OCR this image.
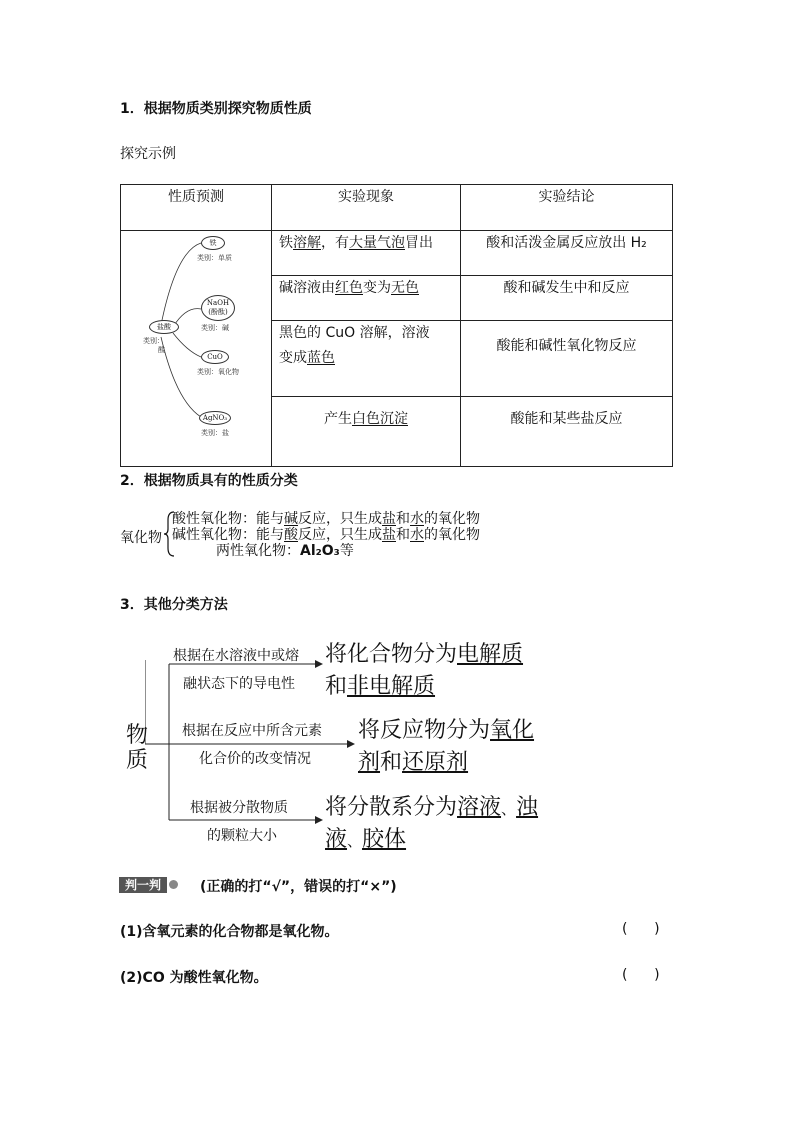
1．根据物质类别探究物质性质
探究示例
性质预测	实验现象	实验结论
盐酸
类别：
酸
铁
类别：单质
NaOH
(酚酞)
类别：碱
CuO
类别：氧化物
AgNO₃
类别：盐
铁溶解，有大量气泡冒出	酸和活泼金属反应放出 H₂
碱溶液由红色变为无色	酸和碱发生中和反应
黑色的 CuO 溶解，溶液
变成蓝色
酸能和碱性氧化物反应
产生白色沉淀	酸能和某些盐反应
2．根据物质具有的性质分类
氧化物
酸性氧化物：能与碱反应，只生成盐和水的氧化物
碱性氧化物：能与酸反应，只生成盐和水的氧化物
两性氧化物：Al₂O₃等
3．其他分类方法
物
质
根据在水溶液中或熔
融状态下的导电性
将化合物分为电解质
和非电解质
根据在反应中所含元素
化合价的改变情况
将反应物分为氧化
剂和还原剂
根据被分散物质
的颗粒大小
将分散系分为溶液、浊
液、胶体
判一判	(正确的打“√”，错误的打“×”)
(1)含氧元素的化合物都是氧化物。	(      )
(2)CO 为酸性氧化物。	(      )
